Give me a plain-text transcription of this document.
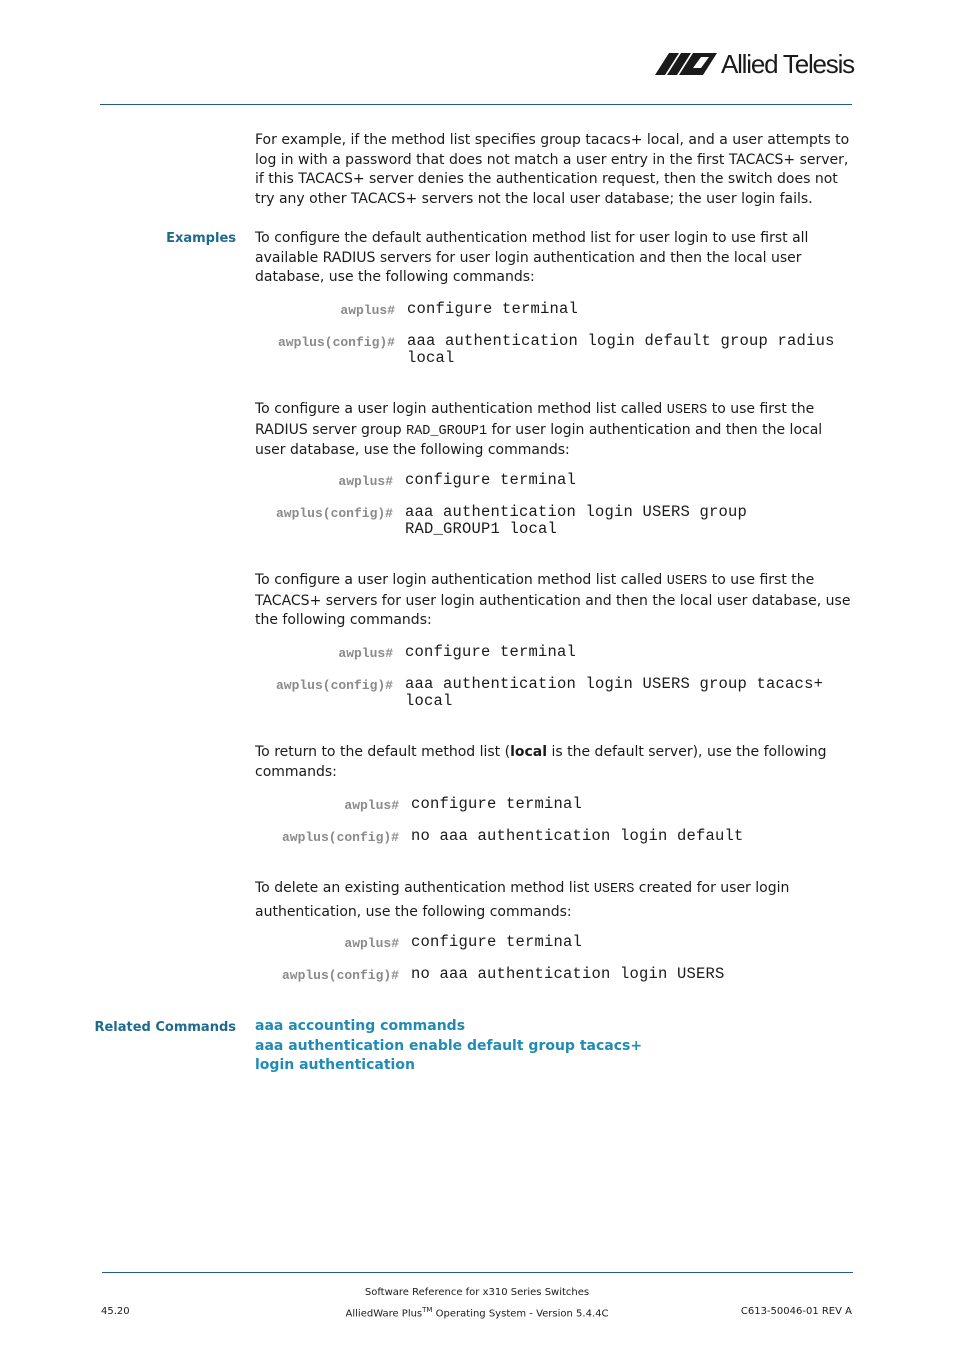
Allied Telesis
For example, if the method list specifies group tacacs+ local, and a user attempts to log in with a password that does not match a user entry in the first TACACS+ server, if this TACACS+ server denies the authentication request, then the switch does not try any other TACACS+ servers not the local user database; the user login fails.
Examples To configure the default authentication method list for user login to use first all available RADIUS servers for user login authentication and then the local user database, use the following commands:
awplus# configure terminal
awplus(config)# aaa authentication login default group radius
local
To configure a user login authentication method list called USERS to use first the RADIUS server group RAD_GROUP1 for user login authentication and then the local user database, use the following commands:
awplus# configure terminal
awplus(config)# aaa authentication login USERS group
RAD_GROUP1 local
To configure a user login authentication method list called USERS to use first the TACACS+ servers for user login authentication and then the local user database, use the following commands:
awplus# configure terminal
awplus(config)# aaa authentication login USERS group tacacs+
local
To return to the default method list (local is the default server), use the following commands:
awplus# configure terminal
awplus(config)# no aaa authentication login default
To delete an existing authentication method list USERS created for user login authentication, use the following commands:
awplus# configure terminal
awplus(config)# no aaa authentication login USERS
Related Commands aaa accounting commands
aaa authentication enable default group tacacs+
login authentication
Software Reference for x310 Series Switches
45.20	AlliedWare Plus™ Operating System - Version 5.4.4C	C613-50046-01 REV A
